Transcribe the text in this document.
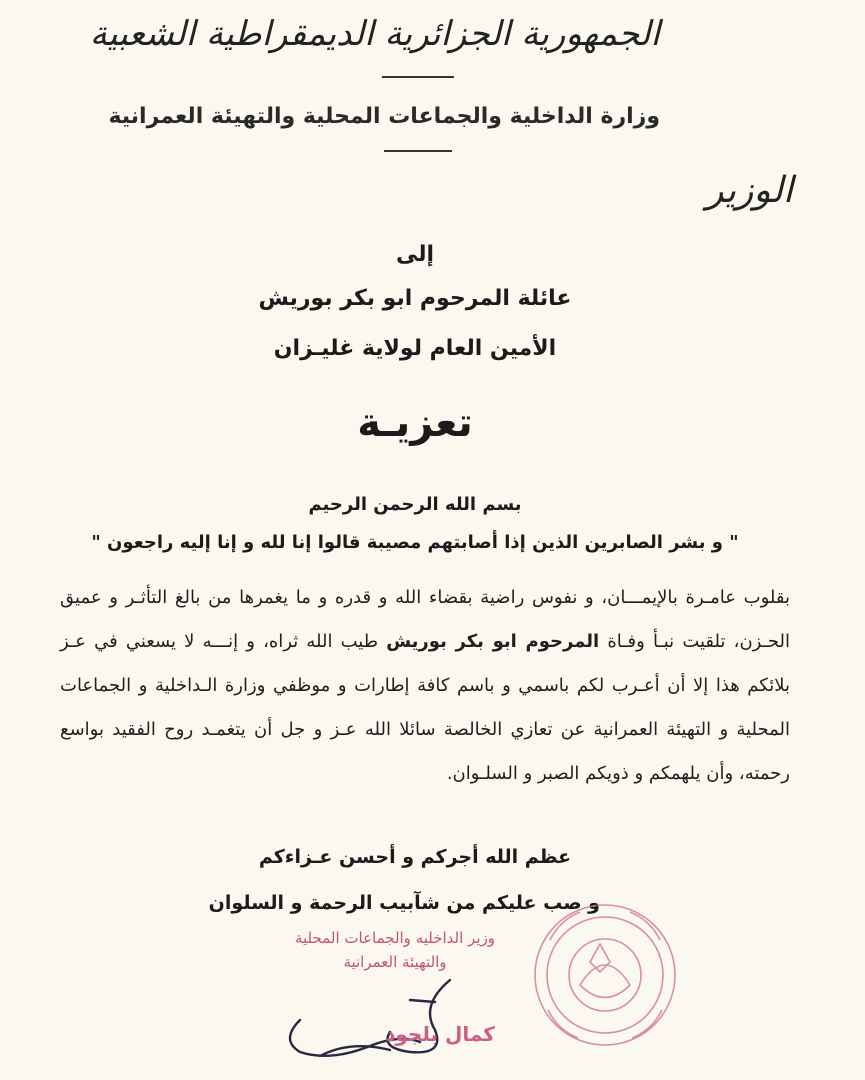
الجمهورية الجزائرية الديمقراطية الشعبية
وزارة الداخلية والجماعات المحلية والتهيئة العمرانية
الوزير
إلى
عائلة المرحوم ابو بكر بوريش
الأمين العام لولاية غليـزان
تعزيـة
بسم الله الرحمن الرحيم
" و بشر الصابرين الذين إذا أصابتهم مصيبة قالوا إنا لله و إنا إليه راجعون "
بقلوب عامـرة بالإيمـــان، و نفوس راضية بقضاء الله و قدره و ما يغمرها من بالغ التأثـر و عميق الحـزن، تلقيت نبـأ وفـاة المرحوم ابو بكر بوريش طيب الله ثراه، و إنـــه لا يسعني في عـز بلائكم هذا إلا أن أعـرب لكم باسمي و باسم كافة إطارات و موظفي وزارة الـداخلية و الجماعات المحلية و التهيئة العمرانية عن تعازي الخالصة سائلا الله عـز و جل أن يتغمـد روح الفقيد بواسع رحمته، وأن يلهمكم و ذويكم الصبر و السلـوان.
عظم الله أجركم و أحسن عـزاءكم
و صب عليكم من شآبيب الرحمة و السلوان
وزير الداخليه والجماعات المحلية
والتهيئة العمرانية
كمال بلجود
